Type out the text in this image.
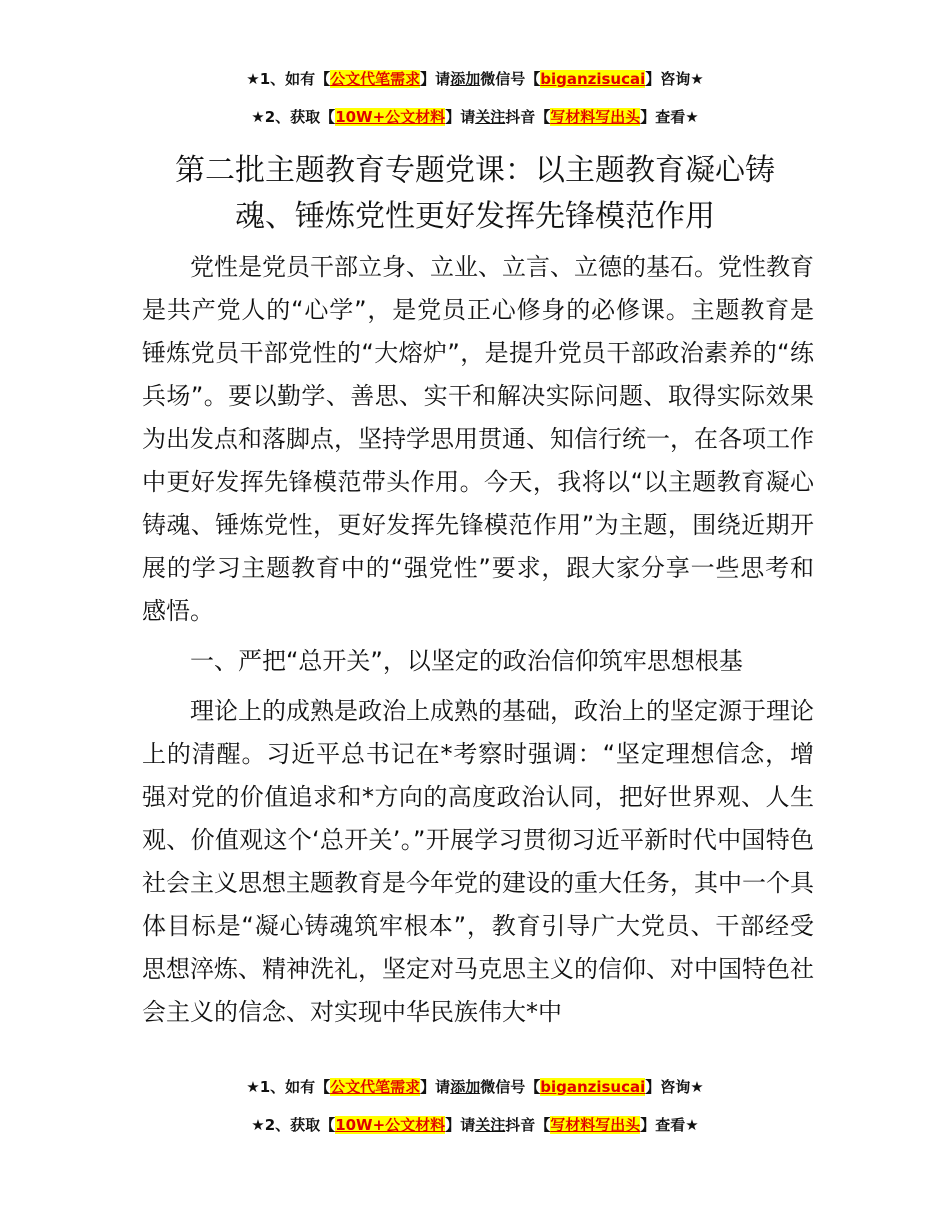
★1、如有【公文代笔需求】请添加微信号【biganzisucai】咨询★
★2、获取【10W+公文材料】请关注抖音【写材料写出头】查看★
第二批主题教育专题党课：以主题教育凝心铸
魂、锤炼党性更好发挥先锋模范作用

党性是党员干部立身、立业、立言、立德的基石。党性教育是共产党人的“心学”，是党员正心修身的必修课。主题教育是锤炼党员干部党性的“大熔炉”，是提升党员干部政治素养的“练兵场”。要以勤学、善思、实干和解决实际问题、取得实际效果为出发点和落脚点，坚持学思用贯通、知信行统一，在各项工作中更好发挥先锋模范带头作用。今天，我将以“以主题教育凝心铸魂、锤炼党性，更好发挥先锋模范作用”为主题，围绕近期开展的学习主题教育中的“强党性”要求，跟大家分享一些思考和感悟。

一、严把“总开关”，以坚定的政治信仰筑牢思想根基

理论上的成熟是政治上成熟的基础，政治上的坚定源于理论上的清醒。习近平总书记在*考察时强调：“坚定理想信念，增强对党的价值追求和*方向的高度政治认同，把好世界观、人生观、价值观这个‘总开关’。”开展学习贯彻习近平新时代中国特色社会主义思想主题教育是今年党的建设的重大任务，其中一个具体目标是“凝心铸魂筑牢根本”，教育引导广大党员、干部经受思想淬炼、精神洗礼，坚定对马克思主义的信仰、对中国特色社会主义的信念、对实现中华民族伟大*中

★1、如有【公文代笔需求】请添加微信号【biganzisucai】咨询★
★2、获取【10W+公文材料】请关注抖音【写材料写出头】查看★
